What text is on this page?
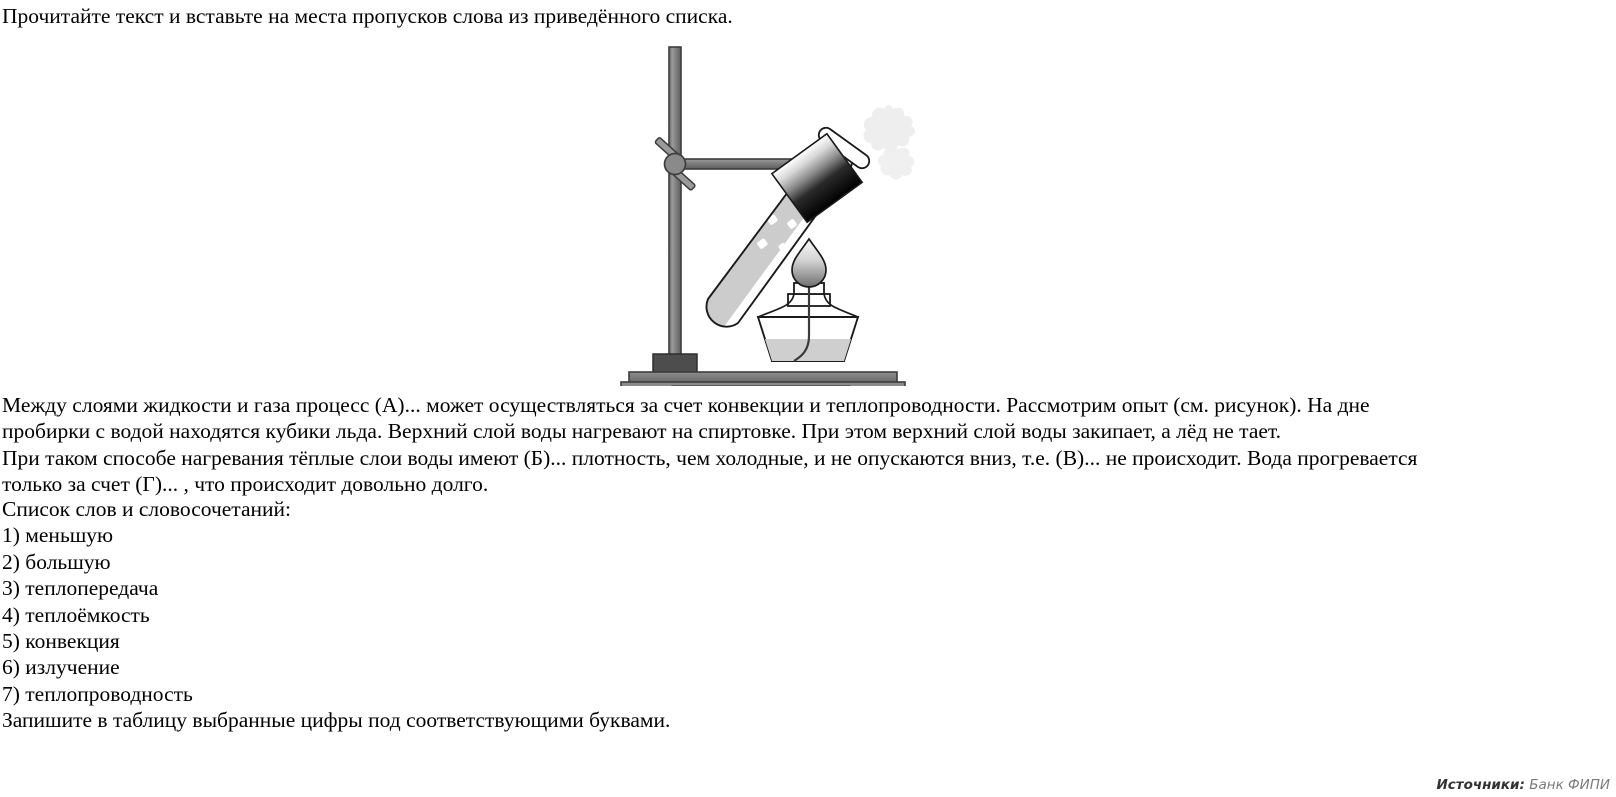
Прочитайте текст и вставьте на места пропусков слова из приведённого списка.

Между слоями жидкости и газа процесс (А)... может осуществляться за счет конвекции и теплопроводности. Рассмотрим опыт (см. рисунок). На дне

пробирки с водой находятся кубики льда. Верхний слой воды нагревают на спиртовке. При этом верхний слой воды закипает, а лёд не тает.

При таком способе нагревания тёплые слои воды имеют (Б)... плотность, чем холодные, и не опускаются вниз, т.е. (В)... не происходит. Вода прогревается

только за счет (Г)... , что происходит довольно долго.

Список слов и словосочетаний:

1) меньшую

2) большую

3) теплопередача

4) теплоёмкость

5) конвекция

6) излучение

7) теплопроводность

Запишите в таблицу выбранные цифры под соответствующими буквами.
Источники: Банк ФИПИ
